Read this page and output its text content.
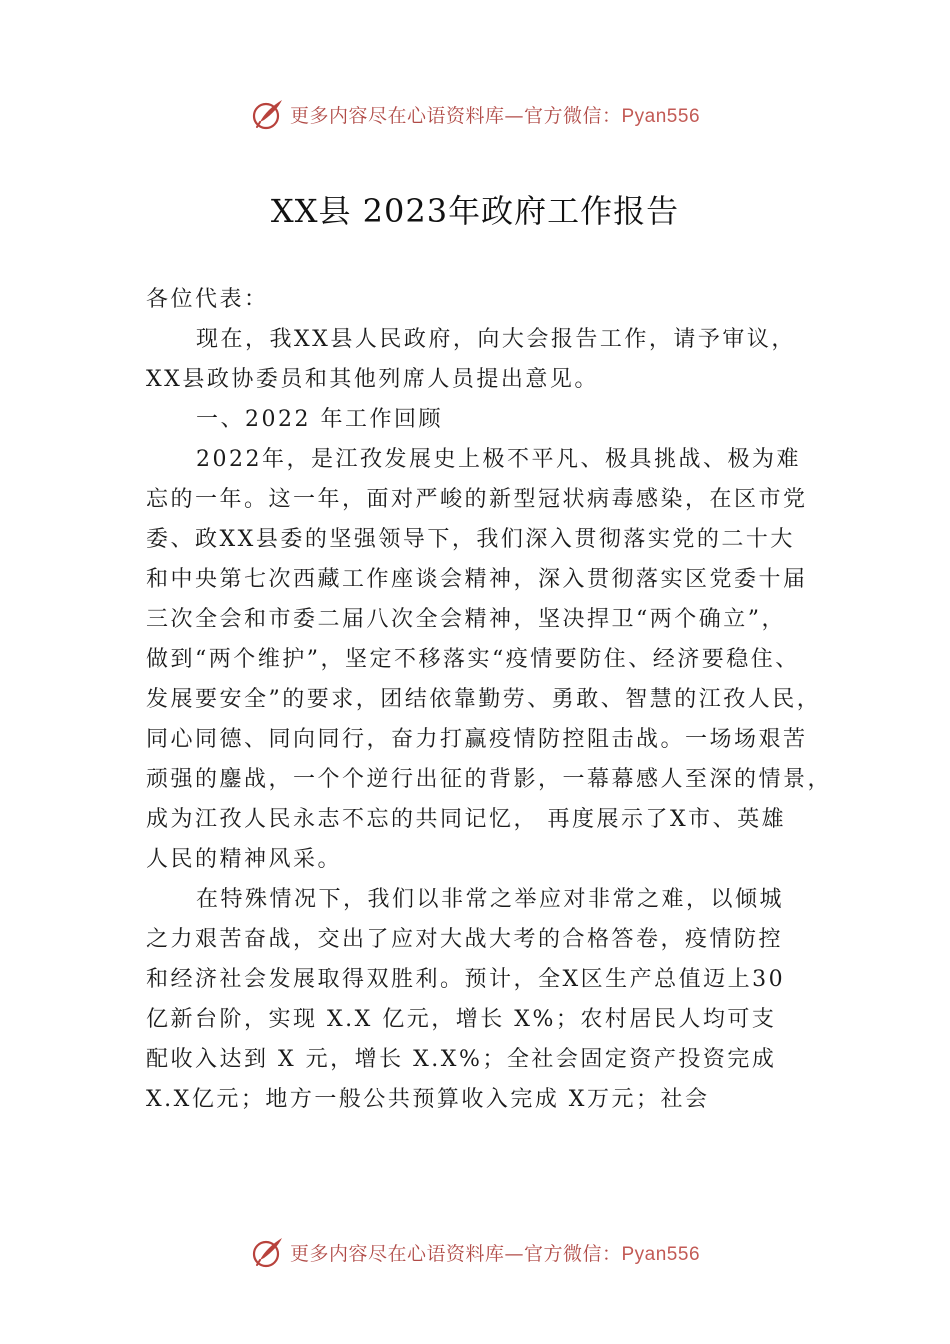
更多内容尽在心语资料库—官方微信：Pyan556
XX县 2023年政府工作报告
各位代表：
现在，我XX县人民政府，向大会报告工作，请予审议，
XX县政协委员和其他列席人员提出意见。
一、2022 年工作回顾
2022年，是江孜发展史上极不平凡、极具挑战、极为难
忘的一年。这一年，面对严峻的新型冠状病毒感染，在区市党
委、政XX县委的坚强领导下，我们深入贯彻落实党的二十大
和中央第七次西藏工作座谈会精神，深入贯彻落实区党委十届
三次全会和市委二届八次全会精神，坚决捍卫“两个确立”，
做到“两个维护”，坚定不移落实“疫情要防住、经济要稳住、
发展要安全”的要求，团结依靠勤劳、勇敢、智慧的江孜人民，
同心同德、同向同行，奋力打赢疫情防控阻击战。一场场艰苦
顽强的鏖战，一个个逆行出征的背影，一幕幕感人至深的情景，
成为江孜人民永志不忘的共同记忆， 再度展示了X市、英雄
人民的精神风采。
在特殊情况下，我们以非常之举应对非常之难，以倾城
之力艰苦奋战，交出了应对大战大考的合格答卷，疫情防控
和经济社会发展取得双胜利。预计，全X区生产总值迈上30
亿新台阶，实现 X.X 亿元，增长 X%；农村居民人均可支
配收入达到 X 元，增长 X.X%；全社会固定资产投资完成
X.X亿元；地方一般公共预算收入完成 X万元；社会
更多内容尽在心语资料库—官方微信：Pyan556
